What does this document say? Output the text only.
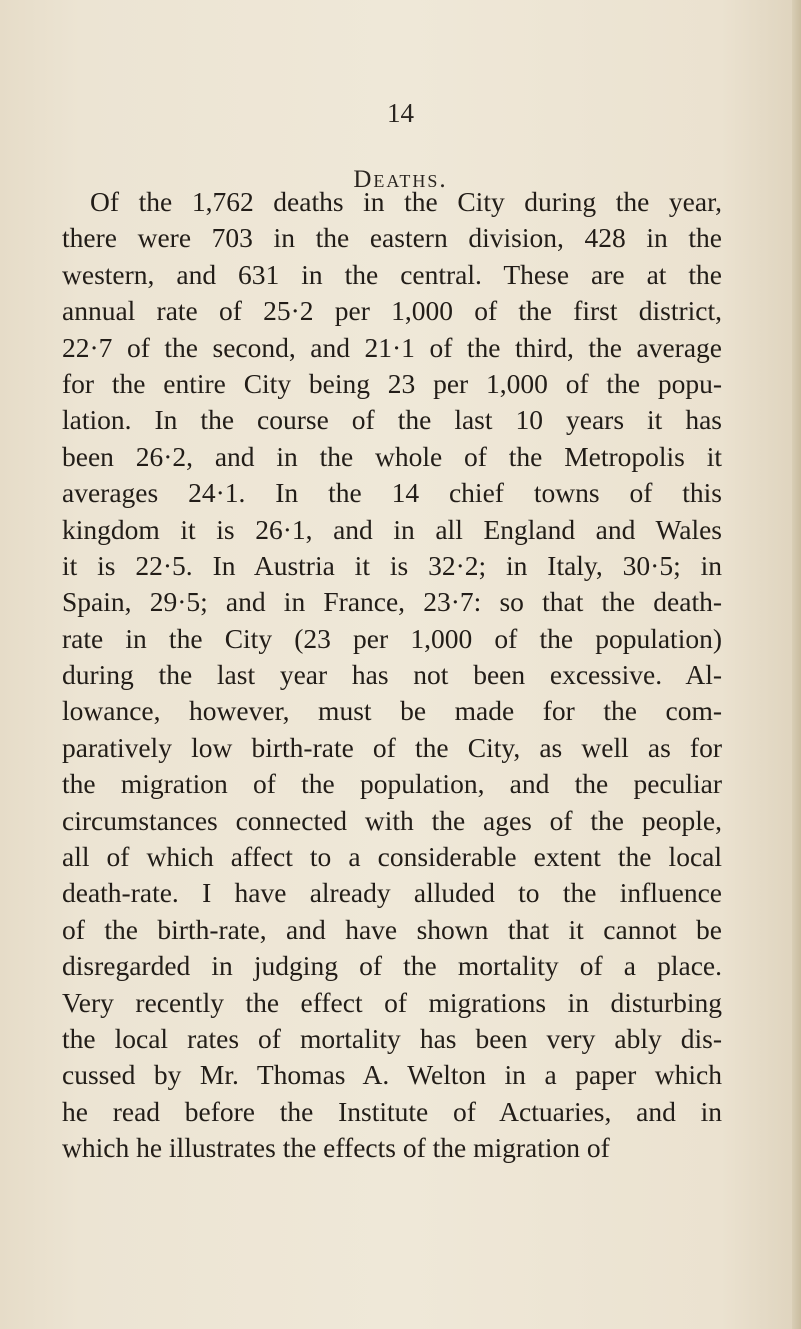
14
Deaths.
Of the 1,762 deaths in the City during the year,
there were 703 in the eastern division, 428 in the
western, and 631 in the central. These are at the
annual rate of 25·2 per 1,000 of the first district,
22·7 of the second, and 21·1 of the third, the average
for the entire City being 23 per 1,000 of the popu-
lation. In the course of the last 10 years it has
been 26·2, and in the whole of the Metropolis it
averages 24·1. In the 14 chief towns of this
kingdom it is 26·1, and in all England and Wales
it is 22·5. In Austria it is 32·2; in Italy, 30·5; in
Spain, 29·5; and in France, 23·7: so that the death-
rate in the City (23 per 1,000 of the population)
during the last year has not been excessive. Al-
lowance, however, must be made for the com-
paratively low birth-rate of the City, as well as for
the migration of the population, and the peculiar
circumstances connected with the ages of the people,
all of which affect to a considerable extent the local
death-rate. I have already alluded to the influence
of the birth-rate, and have shown that it cannot be
disregarded in judging of the mortality of a place.
Very recently the effect of migrations in disturbing
the local rates of mortality has been very ably dis-
cussed by Mr. Thomas A. Welton in a paper which
he read before the Institute of Actuaries, and in
which he illustrates the effects of the migration of
